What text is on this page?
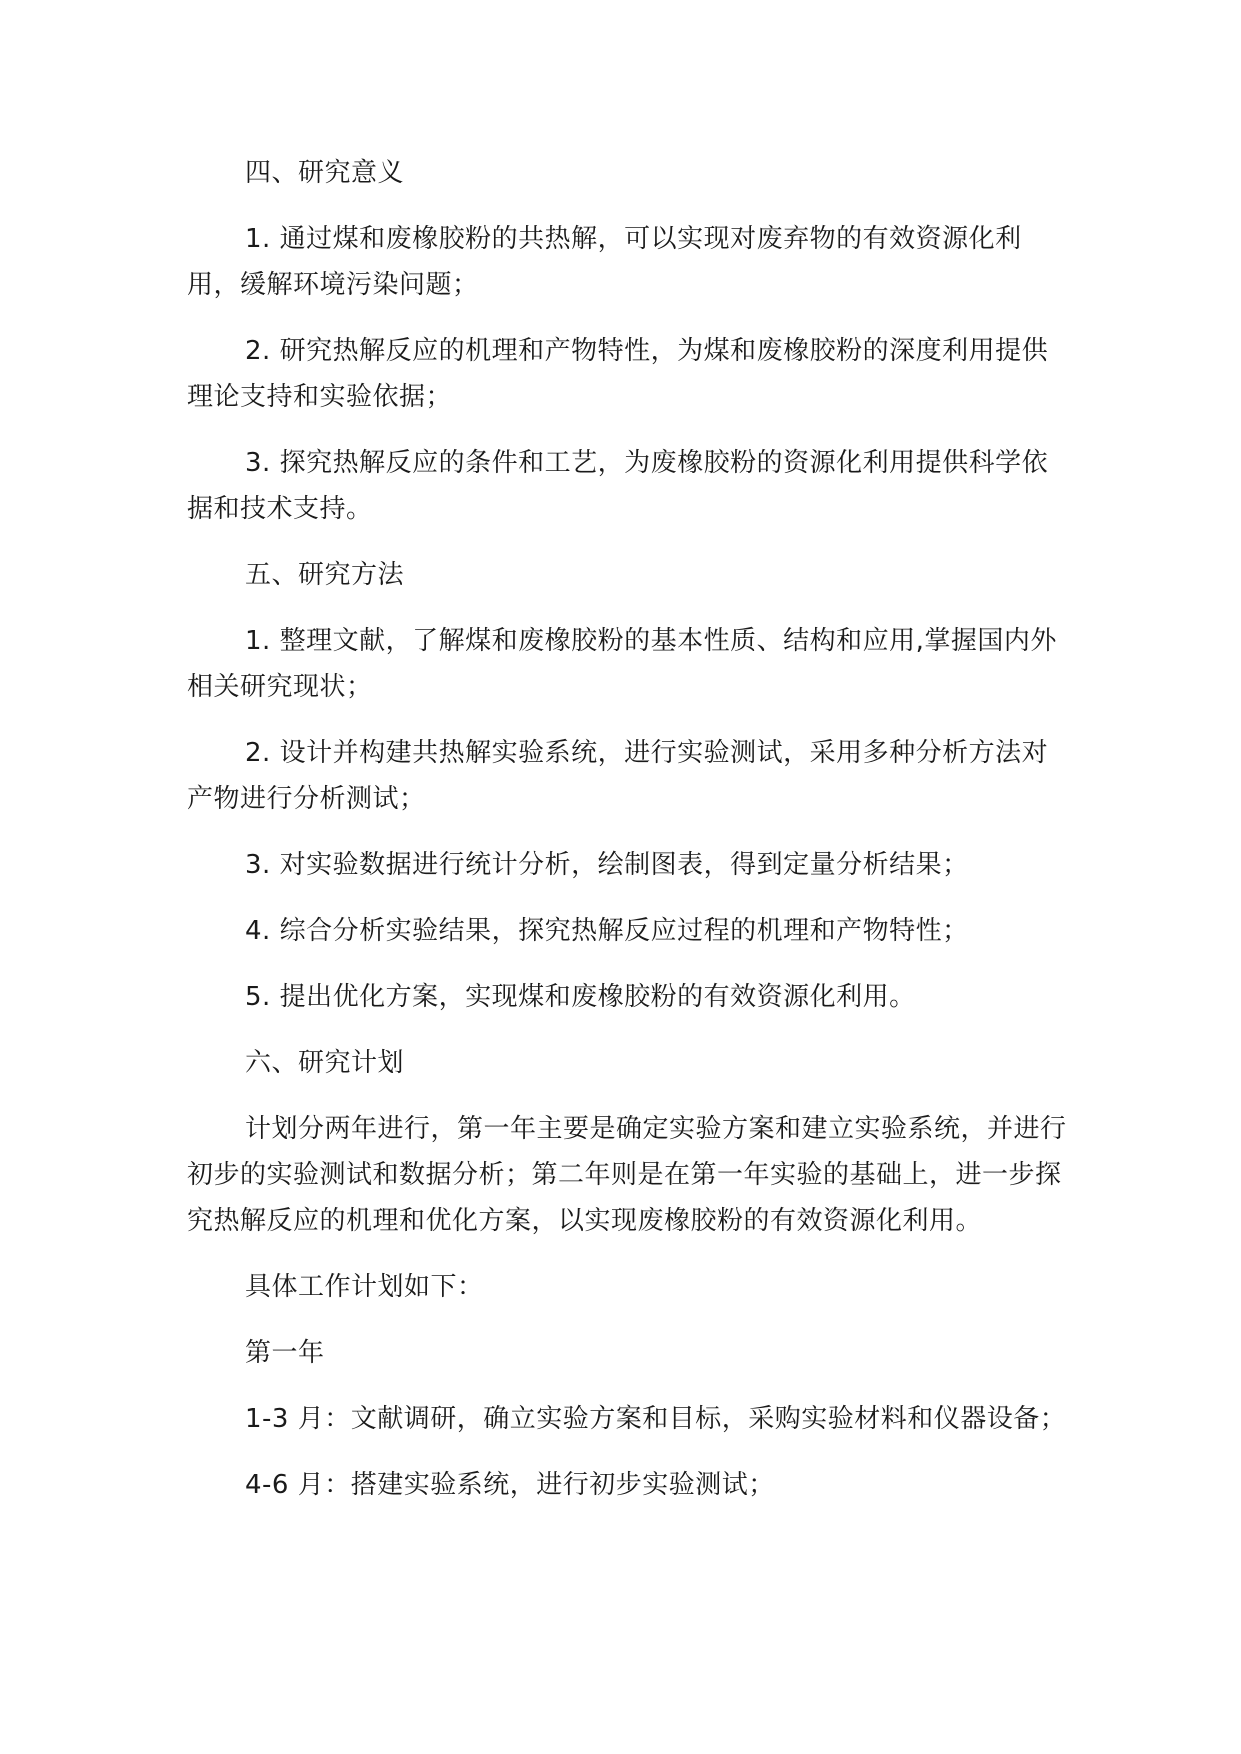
四、研究意义

1. 通过煤和废橡胶粉的共热解，可以实现对废弃物的有效资源化利用，缓解环境污染问题；

2. 研究热解反应的机理和产物特性，为煤和废橡胶粉的深度利用提供理论支持和实验依据；

3. 探究热解反应的条件和工艺，为废橡胶粉的资源化利用提供科学依据和技术支持。

五、研究方法

1. 整理文献，了解煤和废橡胶粉的基本性质、结构和应用,掌握国内外相关研究现状；

2. 设计并构建共热解实验系统，进行实验测试，采用多种分析方法对产物进行分析测试；

3. 对实验数据进行统计分析，绘制图表，得到定量分析结果；

4. 综合分析实验结果，探究热解反应过程的机理和产物特性；

5. 提出优化方案，实现煤和废橡胶粉的有效资源化利用。

六、研究计划

计划分两年进行，第一年主要是确定实验方案和建立实验系统，并进行初步的实验测试和数据分析；第二年则是在第一年实验的基础上，进一步探究热解反应的机理和优化方案，以实现废橡胶粉的有效资源化利用。

具体工作计划如下：

第一年

1-3 月：文献调研，确立实验方案和目标，采购实验材料和仪器设备；

4-6 月：搭建实验系统，进行初步实验测试；
